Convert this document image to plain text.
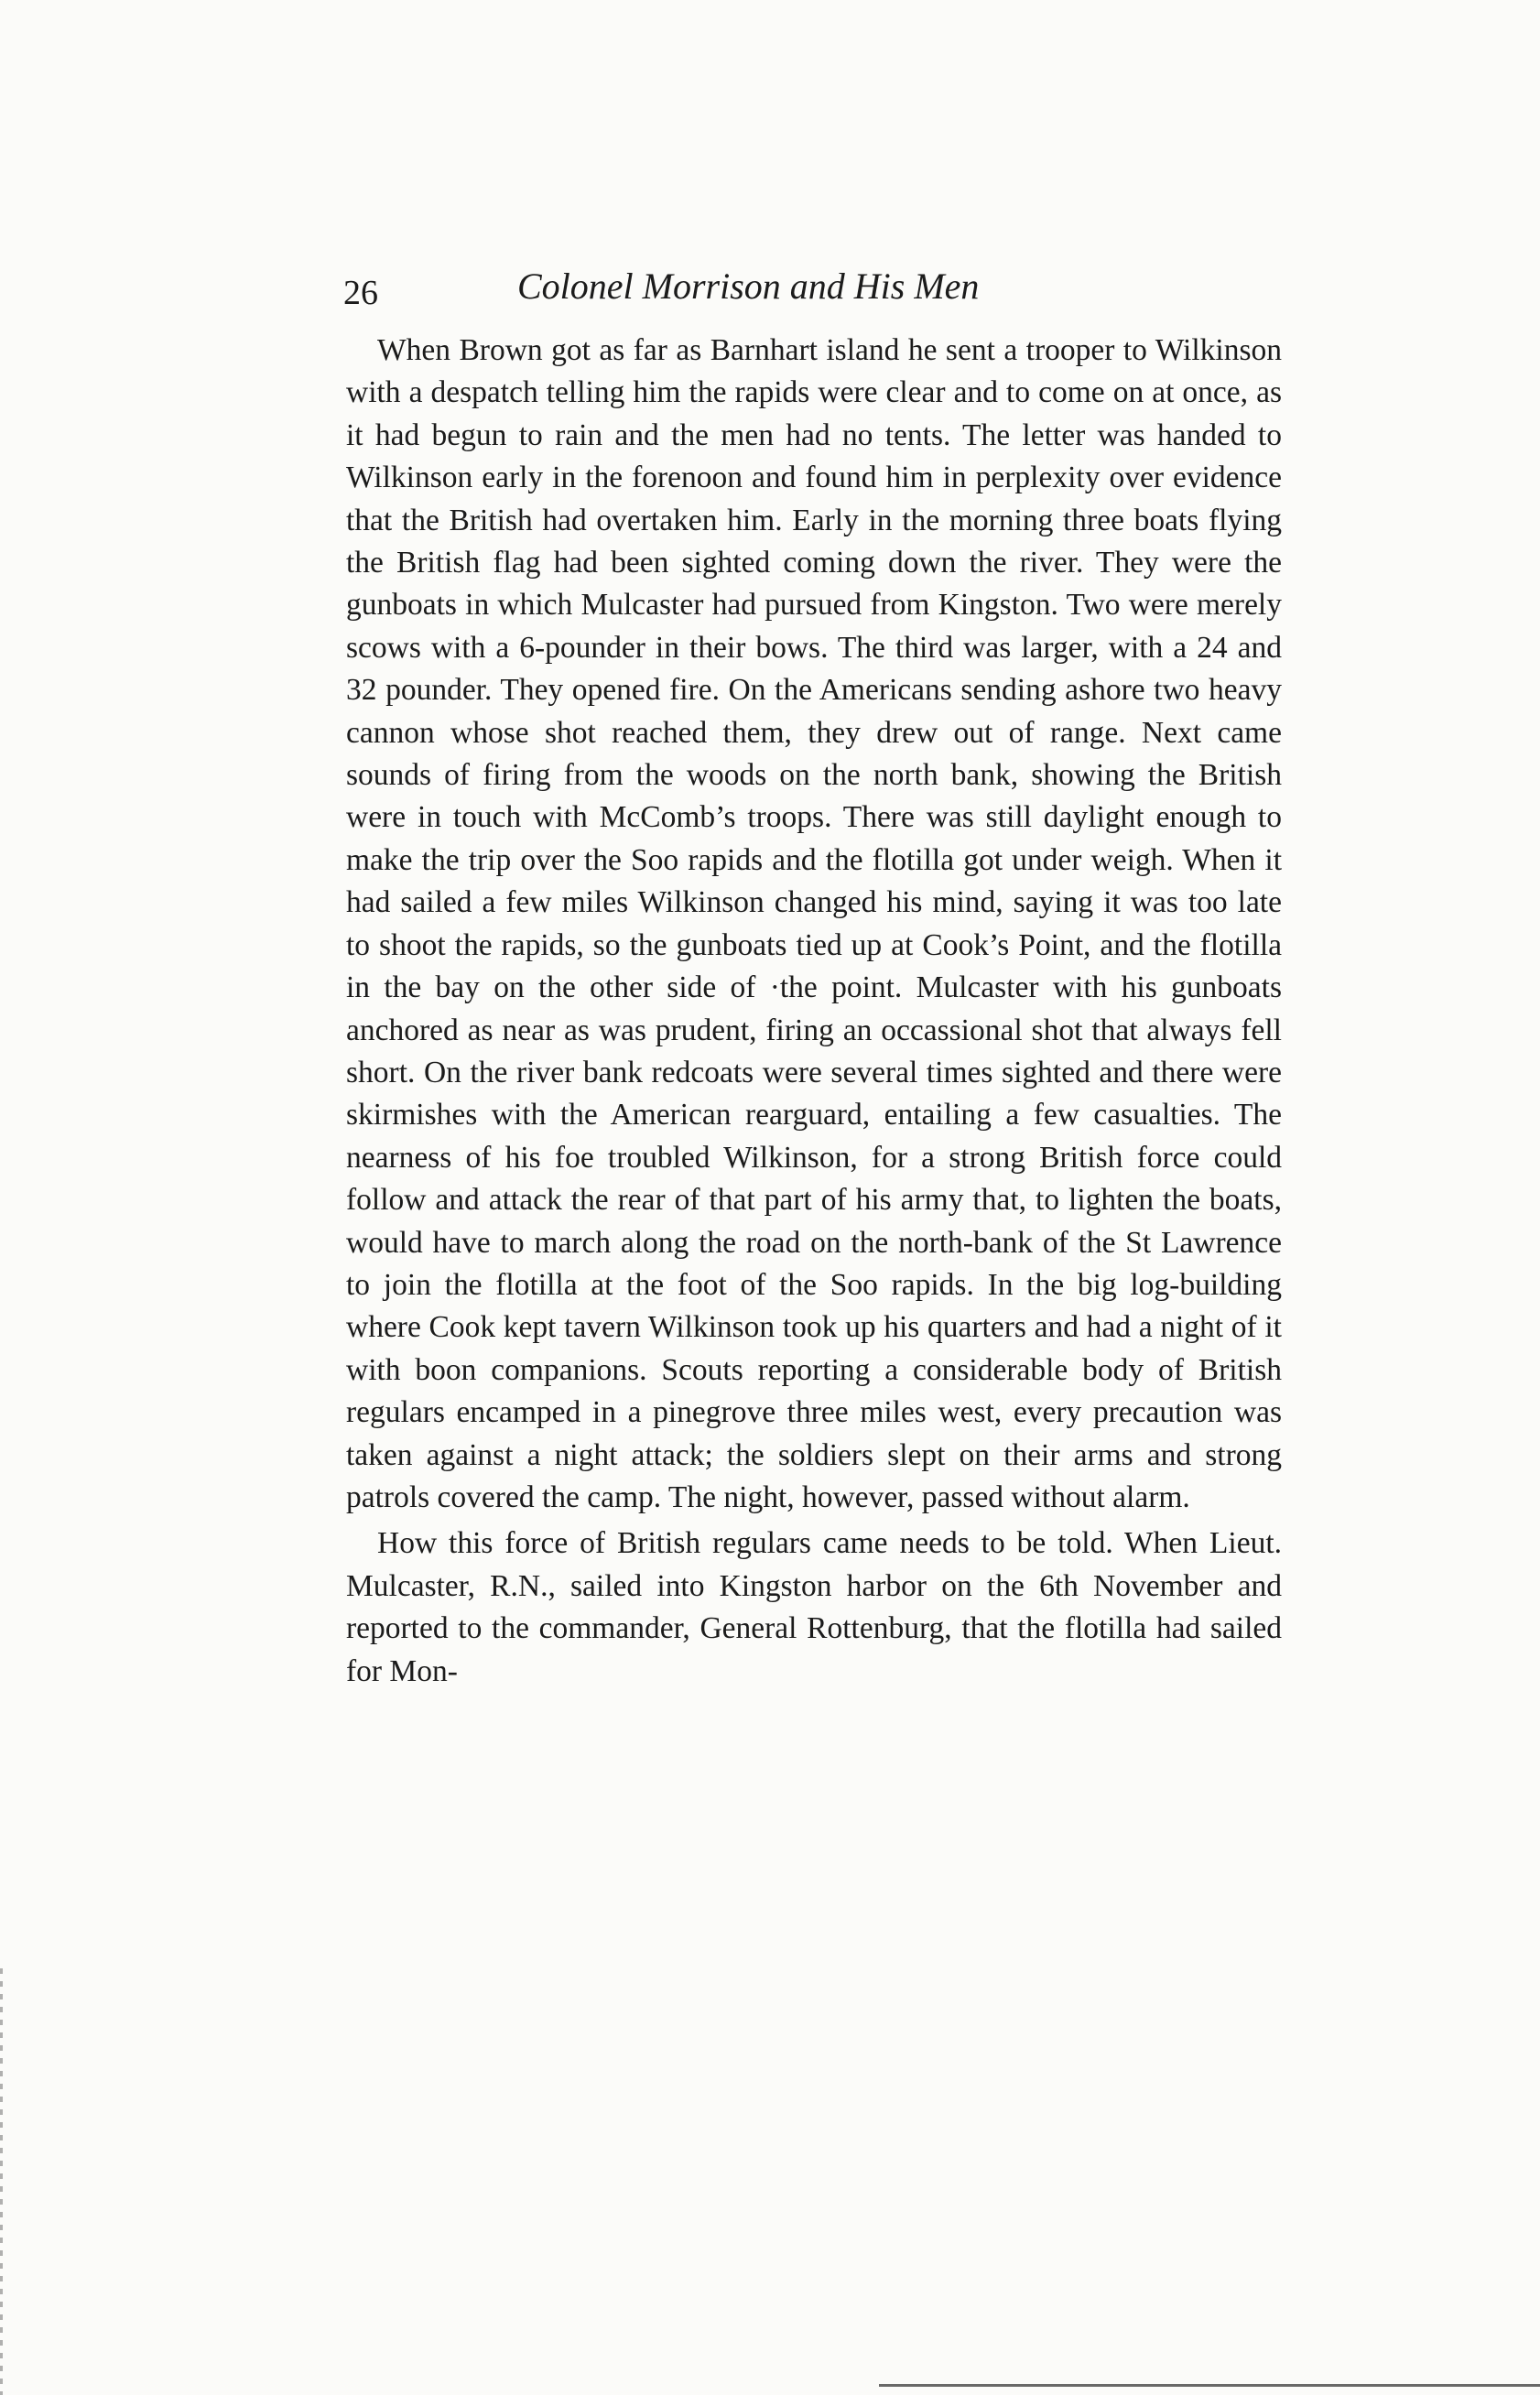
26	Colonel Morrison and His Men

When Brown got as far as Barnhart island he sent a trooper to Wilkinson with a despatch telling him the rapids were clear and to come on at once, as it had begun to rain and the men had no tents. The letter was handed to Wilkinson early in the forenoon and found him in perplexity over evidence that the British had overtaken him. Early in the morning three boats flying the British flag had been sighted coming down the river. They were the gunboats in which Mulcaster had pursued from Kingston. Two were merely scows with a 6-pounder in their bows. The third was larger, with a 24 and 32 pounder. They opened fire. On the Americans sending ashore two heavy cannon whose shot reached them, they drew out of range. Next came sounds of firing from the woods on the north bank, showing the British were in touch with McComb’s troops. There was still daylight enough to make the trip over the Soo rapids and the flotilla got under weigh. When it had sailed a few miles Wilkinson changed his mind, saying it was too late to shoot the rapids, so the gunboats tied up at Cook’s Point, and the flotilla in the bay on the other side of ·the point. Mulcaster with his gunboats anchored as near as was prudent, firing an occassional shot that always fell short. On the river bank redcoats were several times sighted and there were skirmishes with the American rearguard, entailing a few casualties. The nearness of his foe troubled Wilkinson, for a strong British force could follow and attack the rear of that part of his army that, to lighten the boats, would have to march along the road on the north-bank of the St Lawrence to join the flotilla at the foot of the Soo rapids. In the big log-building where Cook kept tavern Wilkinson took up his quarters and had a night of it with boon companions. Scouts reporting a considerable body of British regulars encamped in a pinegrove three miles west, every precaution was taken against a night attack; the soldiers slept on their arms and strong patrols covered the camp. The night, however, passed without alarm.

How this force of British regulars came needs to be told. When Lieut. Mulcaster, R.N., sailed into Kingston harbor on the 6th November and reported to the commander, General Rottenburg, that the flotilla had sailed for Mon-
